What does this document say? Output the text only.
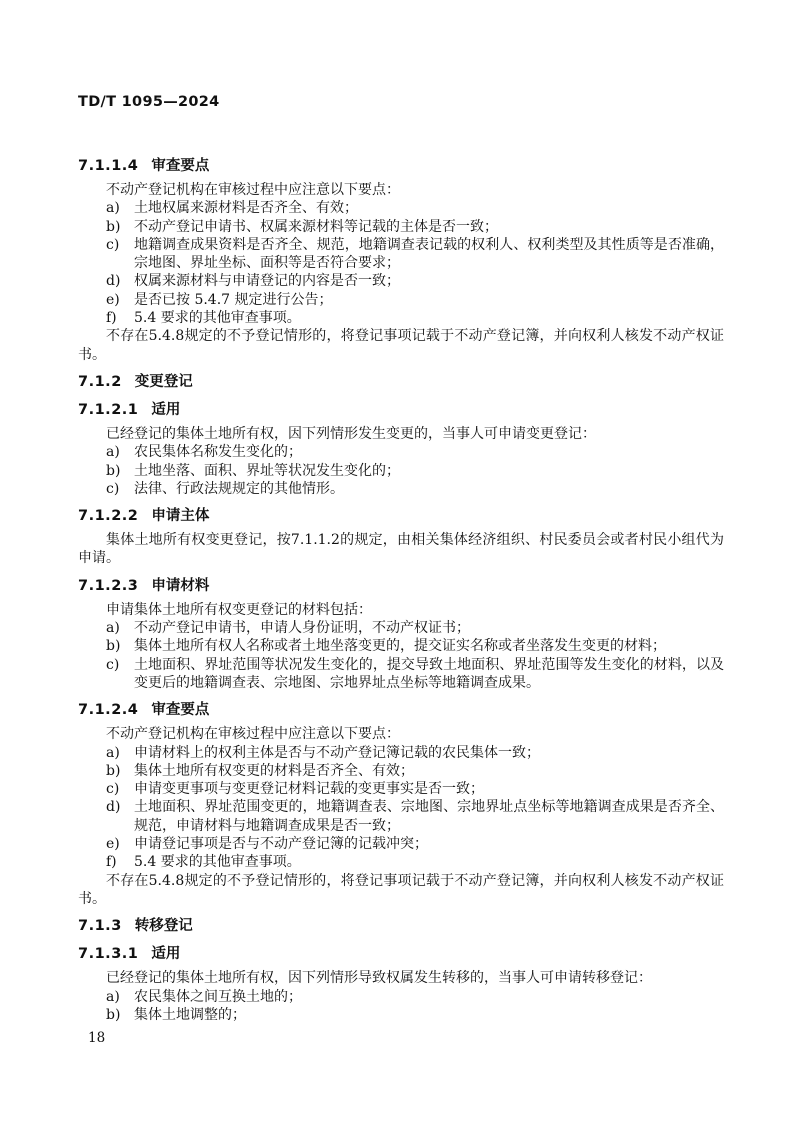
TD/T 1095—2024
7.1.1.4 审查要点

不动产登记机构在审核过程中应注意以下要点：

a)	土地权属来源材料是否齐全、有效；
b) 不动产登记申请书、权属来源材料等记载的主体是否一致；
c)	地籍调查成果资料是否齐全、规范，地籍调查表记载的权利人、权利类型及其性质等是否准确，宗地图、界址坐标、面积等是否符合要求；
d) 权属来源材料与申请登记的内容是否一致；
e)	是否已按 5.4.7 规定进行公告；
f)	5.4 要求的其他审查事项。

不存在5.4.8规定的不予登记情形的，将登记事项记载于不动产登记簿，并向权利人核发不动产权证书。

7.1.2 变更登记
7.1.2.1 适用

已经登记的集体土地所有权，因下列情形发生变更的，当事人可申请变更登记：

a)	农民集体名称发生变化的；
b) 土地坐落、面积、界址等状况发生变化的；
c)	法律、行政法规规定的其他情形。
7.1.2.2 申请主体

集体土地所有权变更登记，按7.1.1.2的规定，由相关集体经济组织、村民委员会或者村民小组代为申请。

7.1.2.3 申请材料

申请集体土地所有权变更登记的材料包括：

a)	不动产登记申请书，申请人身份证明，不动产权证书；
b) 集体土地所有权人名称或者土地坐落变更的，提交证实名称或者坐落发生变更的材料；
c)	土地面积、界址范围等状况发生变化的，提交导致土地面积、界址范围等发生变化的材料，以及变更后的地籍调查表、宗地图、宗地界址点坐标等地籍调查成果。
7.1.2.4 审查要点

不动产登记机构在审核过程中应注意以下要点：

a)	申请材料上的权利主体是否与不动产登记簿记载的农民集体一致；
b) 集体土地所有权变更的材料是否齐全、有效；
c)	申请变更事项与变更登记材料记载的变更事实是否一致；
d) 土地面积、界址范围变更的，地籍调查表、宗地图、宗地界址点坐标等地籍调查成果是否齐全、规范，申请材料与地籍调查成果是否一致；
e)	申请登记事项是否与不动产登记簿的记载冲突；
f)	5.4 要求的其他审查事项。

不存在5.4.8规定的不予登记情形的，将登记事项记载于不动产登记簿，并向权利人核发不动产权证书。

7.1.3 转移登记
7.1.3.1 适用

已经登记的集体土地所有权，因下列情形导致权属发生转移的，当事人可申请转移登记：

a)	农民集体之间互换土地的；
b) 集体土地调整的；
18
